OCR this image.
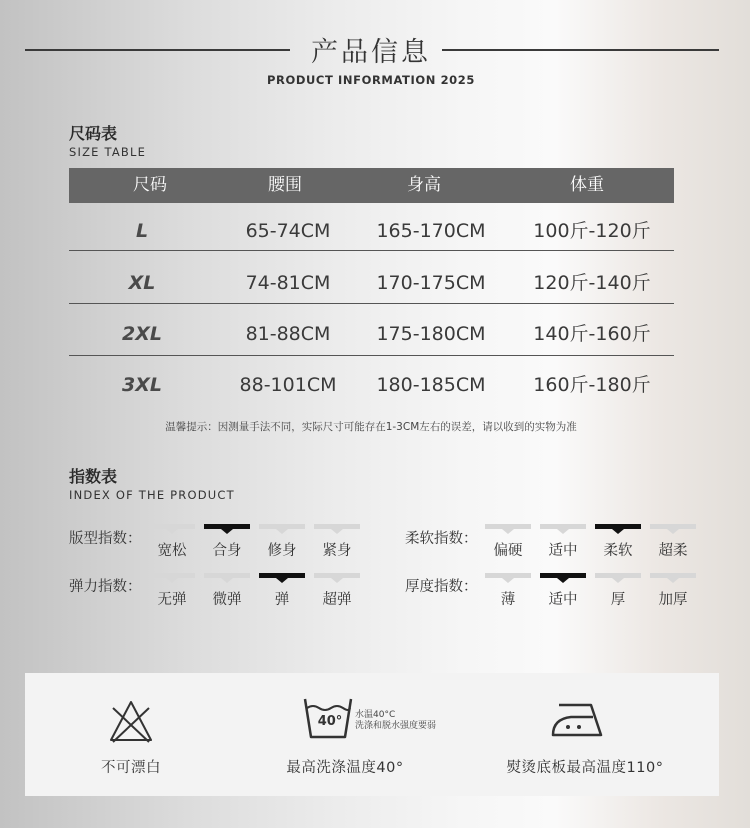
产品信息
PRODUCT INFORMATION 2025
尺码表
SIZE TABLE
尺码	腰围	身高	体重
L	65-74CM	165-170CM	100斤-120斤
XL	74-81CM	170-175CM	120斤-140斤
2XL	81-88CM	175-180CM	140斤-160斤
3XL	88-101CM	180-185CM	160斤-180斤
温馨提示：因测量手法不同，实际尺寸可能存在1-3CM左右的误差，请以收到的实物为准
指数表
INDEX OF THE PRODUCT
版型指数：
宽松	合身	修身	紧身
柔软指数：
偏硬	适中	柔软	超柔
弹力指数：
无弹	微弹	弹	超弹
厚度指数：
薄	适中	厚	加厚
不可漂白
40°	水温40°C
洗涤和脱水强度要弱
最高洗涤温度40°	熨烫底板最高温度110°
